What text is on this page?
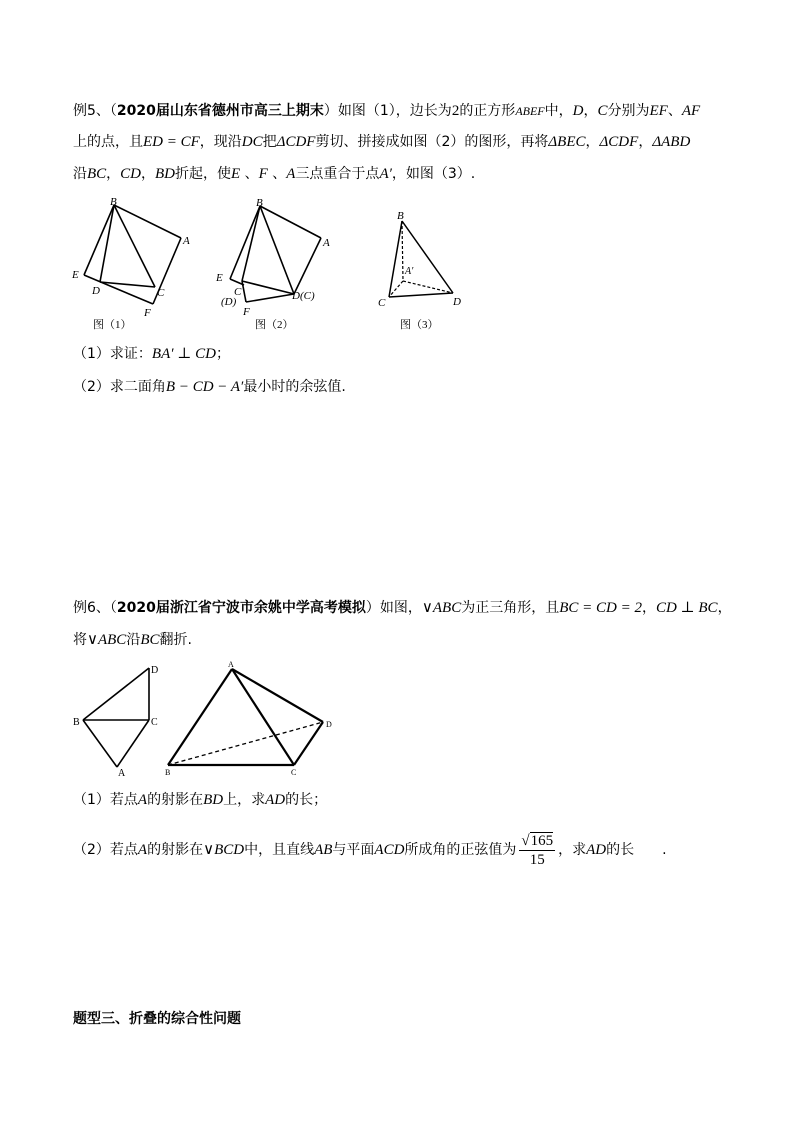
例5、（2020届山东省德州市高三上期末）如图（1），边长为2的正方形ABEF中，D，C分别为EF、AF
上的点，且ED = CF，现沿DC把ΔCDF剪切、拼接成如图（2）的图形，再将ΔBEC，ΔCDF，ΔABD
沿BC，CD，BD折起，使E 、F 、A三点重合于点A′，如图（3）.
B
A
E
D	C
F
图（1）
B
A
E
C
(D)	D(C)
F
图（2）
B
A′
C	D
图（3）
（1）求证：BA′ ⊥ CD；
（2）求二面角B − CD − A′最小时的余弦值.
例6、（2020届浙江省宁波市余姚中学高考模拟）如图，∨ABC为正三角形，且BC = CD = 2，CD ⊥ BC，
将∨ABC沿BC翻折.
D
B	C
A
A
B	C
D
（1）若点A的射影在BD上，求AD的长；
（2）若点A的射影在∨BCD中，且直线AB与平面ACD所成角的正弦值为 $\frac{√165}{15}$ ，求AD的长 .
题型三、折叠的综合性问题
